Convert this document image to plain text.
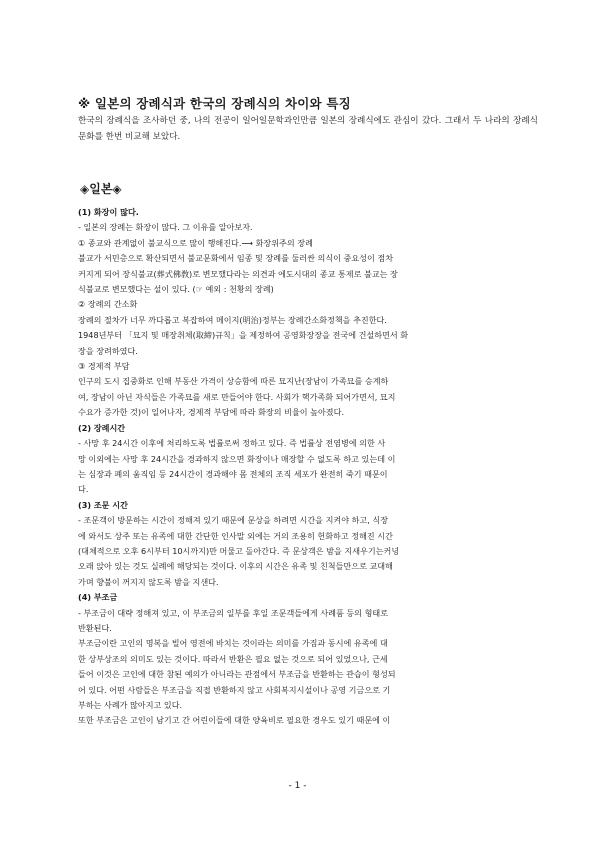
※ 일본의 장례식과 한국의 장례식의 차이와 특징

한국의 장례식을 조사하던 중, 나의 전공이 일어일문학과인만큼 일본의 장례식에도 관심이 갔다. 그래서 두 나라의 장례식 문화를 한번 비교해 보았다.

◈일본◈

(1) 화장이 많다.

- 일본의 장례는 화장이 많다. 그 이유를 알아보자.

① 종교와 관계없이 불교식으로 많이 행해진다.⟶ 화장위주의 장례

불교가 서민층으로 확산되면서 불교문화에서 임종 및 장례를 둘러싼 의식이 중요성이 점차

커지게 되어 장식불교(葬式佛敎)로 변모했다라는 의견과 에도시대의 종교 통제로 불교는 장

식불교로 변모했다는 설이 있다. (☞ 예외 : 천황의 장례)

② 장례의 간소화

장례의 절차가 너무 까다롭고 복잡하여 메이지(明治)정부는 장례간소화정책을 추진한다.

1948년부터 「묘지 및 매장취체(取締)규칙」을 제정하여 공영화장장을 전국에 건설하면서 화

장을 장려하였다.

③ 경제적 부담

인구의 도시 집중화로 인해 부동산 가격이 상승함에 따른 묘지난(장남이 가족묘를 승계하

여, 장남이 아닌 자식들은 가족묘를 새로 만들어야 한다. 사회가 핵가족화 되어가면서, 묘지

수요가 증가한 것)이 일어나자, 경제적 부담에 따라 화장의 비율이 높아졌다.

(2) 장례시간

- 사망 후 24시간 이후에 처리하도록 법률로써 정하고 있다. 즉 법률상 전염병에 의한 사

망 이외에는 사망 후 24시간을 경과하지 않으면 화장이나 매장할 수 없도록 하고 있는데 이

는 심장과 폐의 움직임 등 24시간이 경과해야 몸 전체의 조직 세포가 완전히 죽기 때문이

다.

(3) 조문 시간

- 조문객이 방문하는 시간이 정해져 있기 때문에 문상을 하려면 시간을 지켜야 하고, 식장

에 와서도 상주 또는 유족에 대한 간단한 인사말 외에는 거의 조용히 헌화하고 정해진 시간

(대체적으로 오후 6시부터 10시까지)만 머물고 돌아간다. 즉 문상객은 밤을 지새우기는커녕

오래 앉아 있는 것도 실례에 해당되는 것이다. 이후의 시간은 유족 및 친척들만으로 교대해

가며 향불이 꺼지지 않도록 밤을 지샌다.

(4) 부조금

- 부조금이 대략 정해져 있고, 이 부조금의 일부를 후일 조문객들에게 사례품 등의 형태로

반환된다.

부조금이란 고인의 명복을 빌어 영전에 바치는 것이라는 의미를 가짐과 동시에 유족에 대

한 상부상조의 의미도 있는 것이다. 따라서 반환은 필요 없는 것으로 되어 있었으나, 근세

들어 이것은 고인에 대한 참된 예의가 아니라는 관점에서 부조금을 반환하는 관습이 형성되

어 있다. 어떤 사람들은 부조금을 직접 반환하지 않고 사회복지시설이나 공영 기금으로 기

부하는 사례가 많아지고 있다.

또한 부조금은 고인이 남기고 간 어린이들에 대한 양육비로 필요한 경우도 있기 때문에 이

- 1 -
